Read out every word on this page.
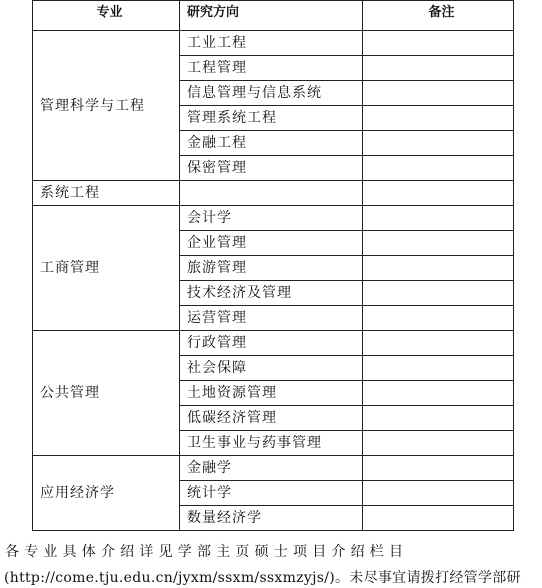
专业	研究方向	备注
管理科学与工程	工业工程	
	工程管理	
	信息管理与信息系统	
	管理系统工程	
	金融工程	
	保密管理	
系统工程		
工商管理	会计学	
	企业管理	
	旅游管理	
	技术经济及管理	
	运营管理	
公共管理	行政管理	
	社会保障	
	土地资源管理	
	低碳经济管理	
	卫生事业与药事管理	
应用经济学	金融学	
	统计学	
	数量经济学	
各专业具体介绍详见学部主页硕士项目介绍栏目
(http://come.tju.edu.cn/jyxm/ssxm/ssxmzyjs/)。未尽事宜请拨打经管学部研
